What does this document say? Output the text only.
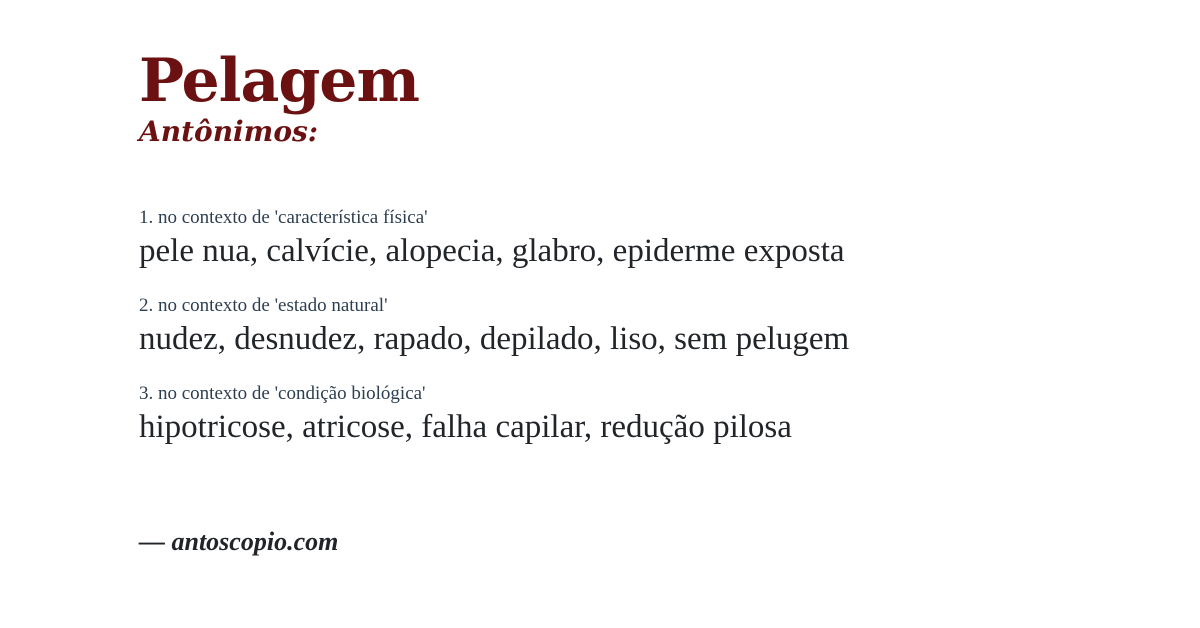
Pelagem
Antônimos:
1. no contexto de 'característica física'
pele nua, calvície, alopecia, glabro, epiderme exposta
2. no contexto de 'estado natural'
nudez, desnudez, rapado, depilado, liso, sem pelugem
3. no contexto de 'condição biológica'
hipotricose, atricose, falha capilar, redução pilosa
— antoscopio.com
